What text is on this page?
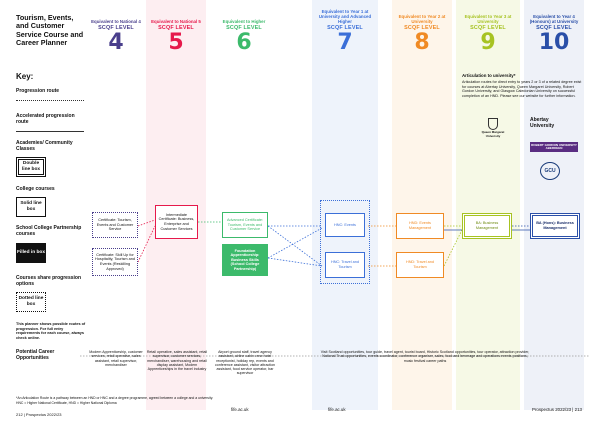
Equivalent to National 4
SCQF LEVEL
4
Equivalent to National 5
SCQF LEVEL
5
Equivalent to Higher
SCQF LEVEL
6
Equivalent to Year 1 at University and Advanced Higher
SCQF LEVEL
7
Equivalent to Year 2 at University
SCQF LEVEL
8
Equivalent to Year 3 at University
SCQF LEVEL
9
Equivalent to Year 4 (Honours) at University
SCQF LEVEL
10
Tourism, Events, and Customer Service Course and Career Planner
Key:
Progression route
Accelerated progression route
Academies/ Community Classes
Double line box
College courses
Solid line box
School College Partnership courses
Filled in box
Courses share progression options
Dotted line box
This planner shows possible routes of progression. For full entry requirements for each course, always check online.
Potential Career Opportunities
Articulation to university*
Articulation routes for direct entry to years 2 or 3 of a related degree exist for courses at Abertay University, Queen Margaret University, Robert Gordon University, and Glasgow Caledonian University on successful completion of an HND. Please see our website for further information.
Queen Margaret University
Abertay University
ROBERT GORDON UNIVERSITY ABERDEEN
GCU
Certificate: Tourism, Events and Customer Service
Certificate: Skill Up for Hospitality, Tourism and Events (Reskilling Approved)
Intermediate Certificate: Business, Enterprise and Customer Services
Advanced Certificate: Tourism, Events and Customer Service
Foundation Apprenticeship: Business Skills (School College Partnership)
HNC: Events
HNC: Travel and Tourism
HND: Events Management
HND: Travel and Tourism
BA: Business Management
BA (Hons): Business Management
Modern Apprenticeship, customer services, retail operative, sales assistant, retail supervisor, merchandiser
Retail operative, sales assistant, retail supervisor, customer services, merchandiser, warehousing and retail display assistant, Modern Apprenticeships in the travel industry
Airport ground staff, travel agency assistant, airline cabin crew hotel receptionist, holiday rep, events and conference assistant, visitor attraction assistant, food service operator, bar supervisor
Visit Scotland opportunities, tour guide, travel agent, tourist board, Historic Scotland opportunities, tour operator, attraction provider, National Trust opportunities, events coordinator, conference organiser, sales, food and beverage and operations events positions, music festival career paths
*An Articulation Route is a pathway between an HND or HNC and a degree programme, agreed between a college and a university.
HNC = Higher National Certificate, HND = Higher National Diploma
212 | Prospectus 2022/23
fife.ac.uk	fife.ac.uk	Prospectus 2022/23 | 213
